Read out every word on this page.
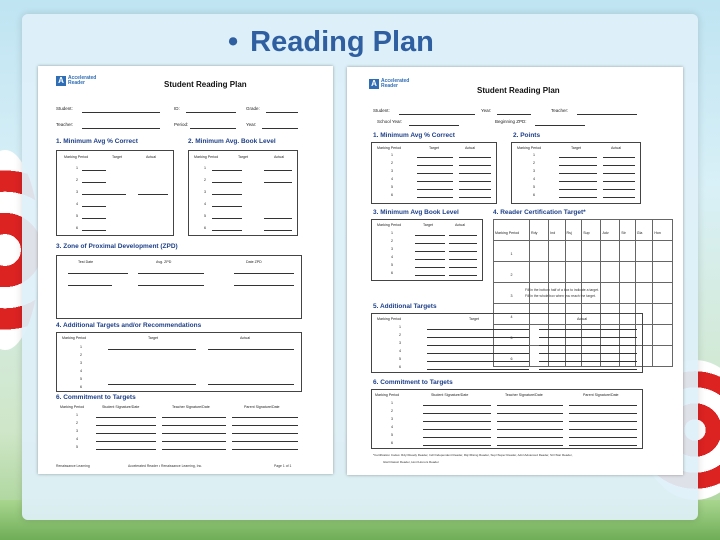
• Reading Plan
A Accelerated
Reader	Student Reading Plan
Student:	ID:	Grade:
Teacher:	Period:	Year:
1. Minimum Avg % Correct	2. Minimum Avg. Book Level
Marking Period	Target	Actual
1
2
3
4
5
6
Marking Period	Target	Actual
1
2
3
4
5
6
3. Zone of Proximal Development (ZPD)
Test Date	Avg. ZPD	Date ZPD
4. Additional Targets and/or Recommendations
Marking Period	Target	Actual
1
2
3
4
5
6
6. Commitment to Targets
Marking Period	Student Signature/Date	Teacher Signature/Date	Parent Signature/Date
1
2
3
4
5
Renaissance Learning	Accelerated Reader • Renaissance Learning, Inc.	Page 1 of 1
A Accelerated
Reader	Student Reading Plan
Student:	Year:	Teacher:
School Year:	Beginning ZPD:
1. Minimum Avg % Correct	2. Points
Marking Period	Target	Actual
1
2
3
4
5
6
Marking Period	Target	Actual
1
2
3
4
5
6
3. Minimum Avg Book Level	4. Reader Certification Target*
Marking Period	Target	Actual
1
2
3
4
5
6
Marking Period	Rdy	Ind	Rsj	Sup	Adv	Str	Gla	Hon
1								
2								
3								
4								
5								
6								
Fill in the bottom half of a box to indicate a target.
Fill in the whole box when you reach the target.
5. Additional Targets
Marking Period	Target	Actual
1
2
3
4
5
6
6. Commitment to Targets
Marking Period	Student Signature/Date	Teacher Signature/Date	Parent Signature/Date
1
2
3
4
5
6
*Certification Codes: Rdy=Ready Reader, Ind=Independent Reader, Rsj=Rising Reader, Sup=Super Reader, Adv=Advanced Reader, Str=Star Reader,
Gla=Classic Reader, Hon=Honors Reader
